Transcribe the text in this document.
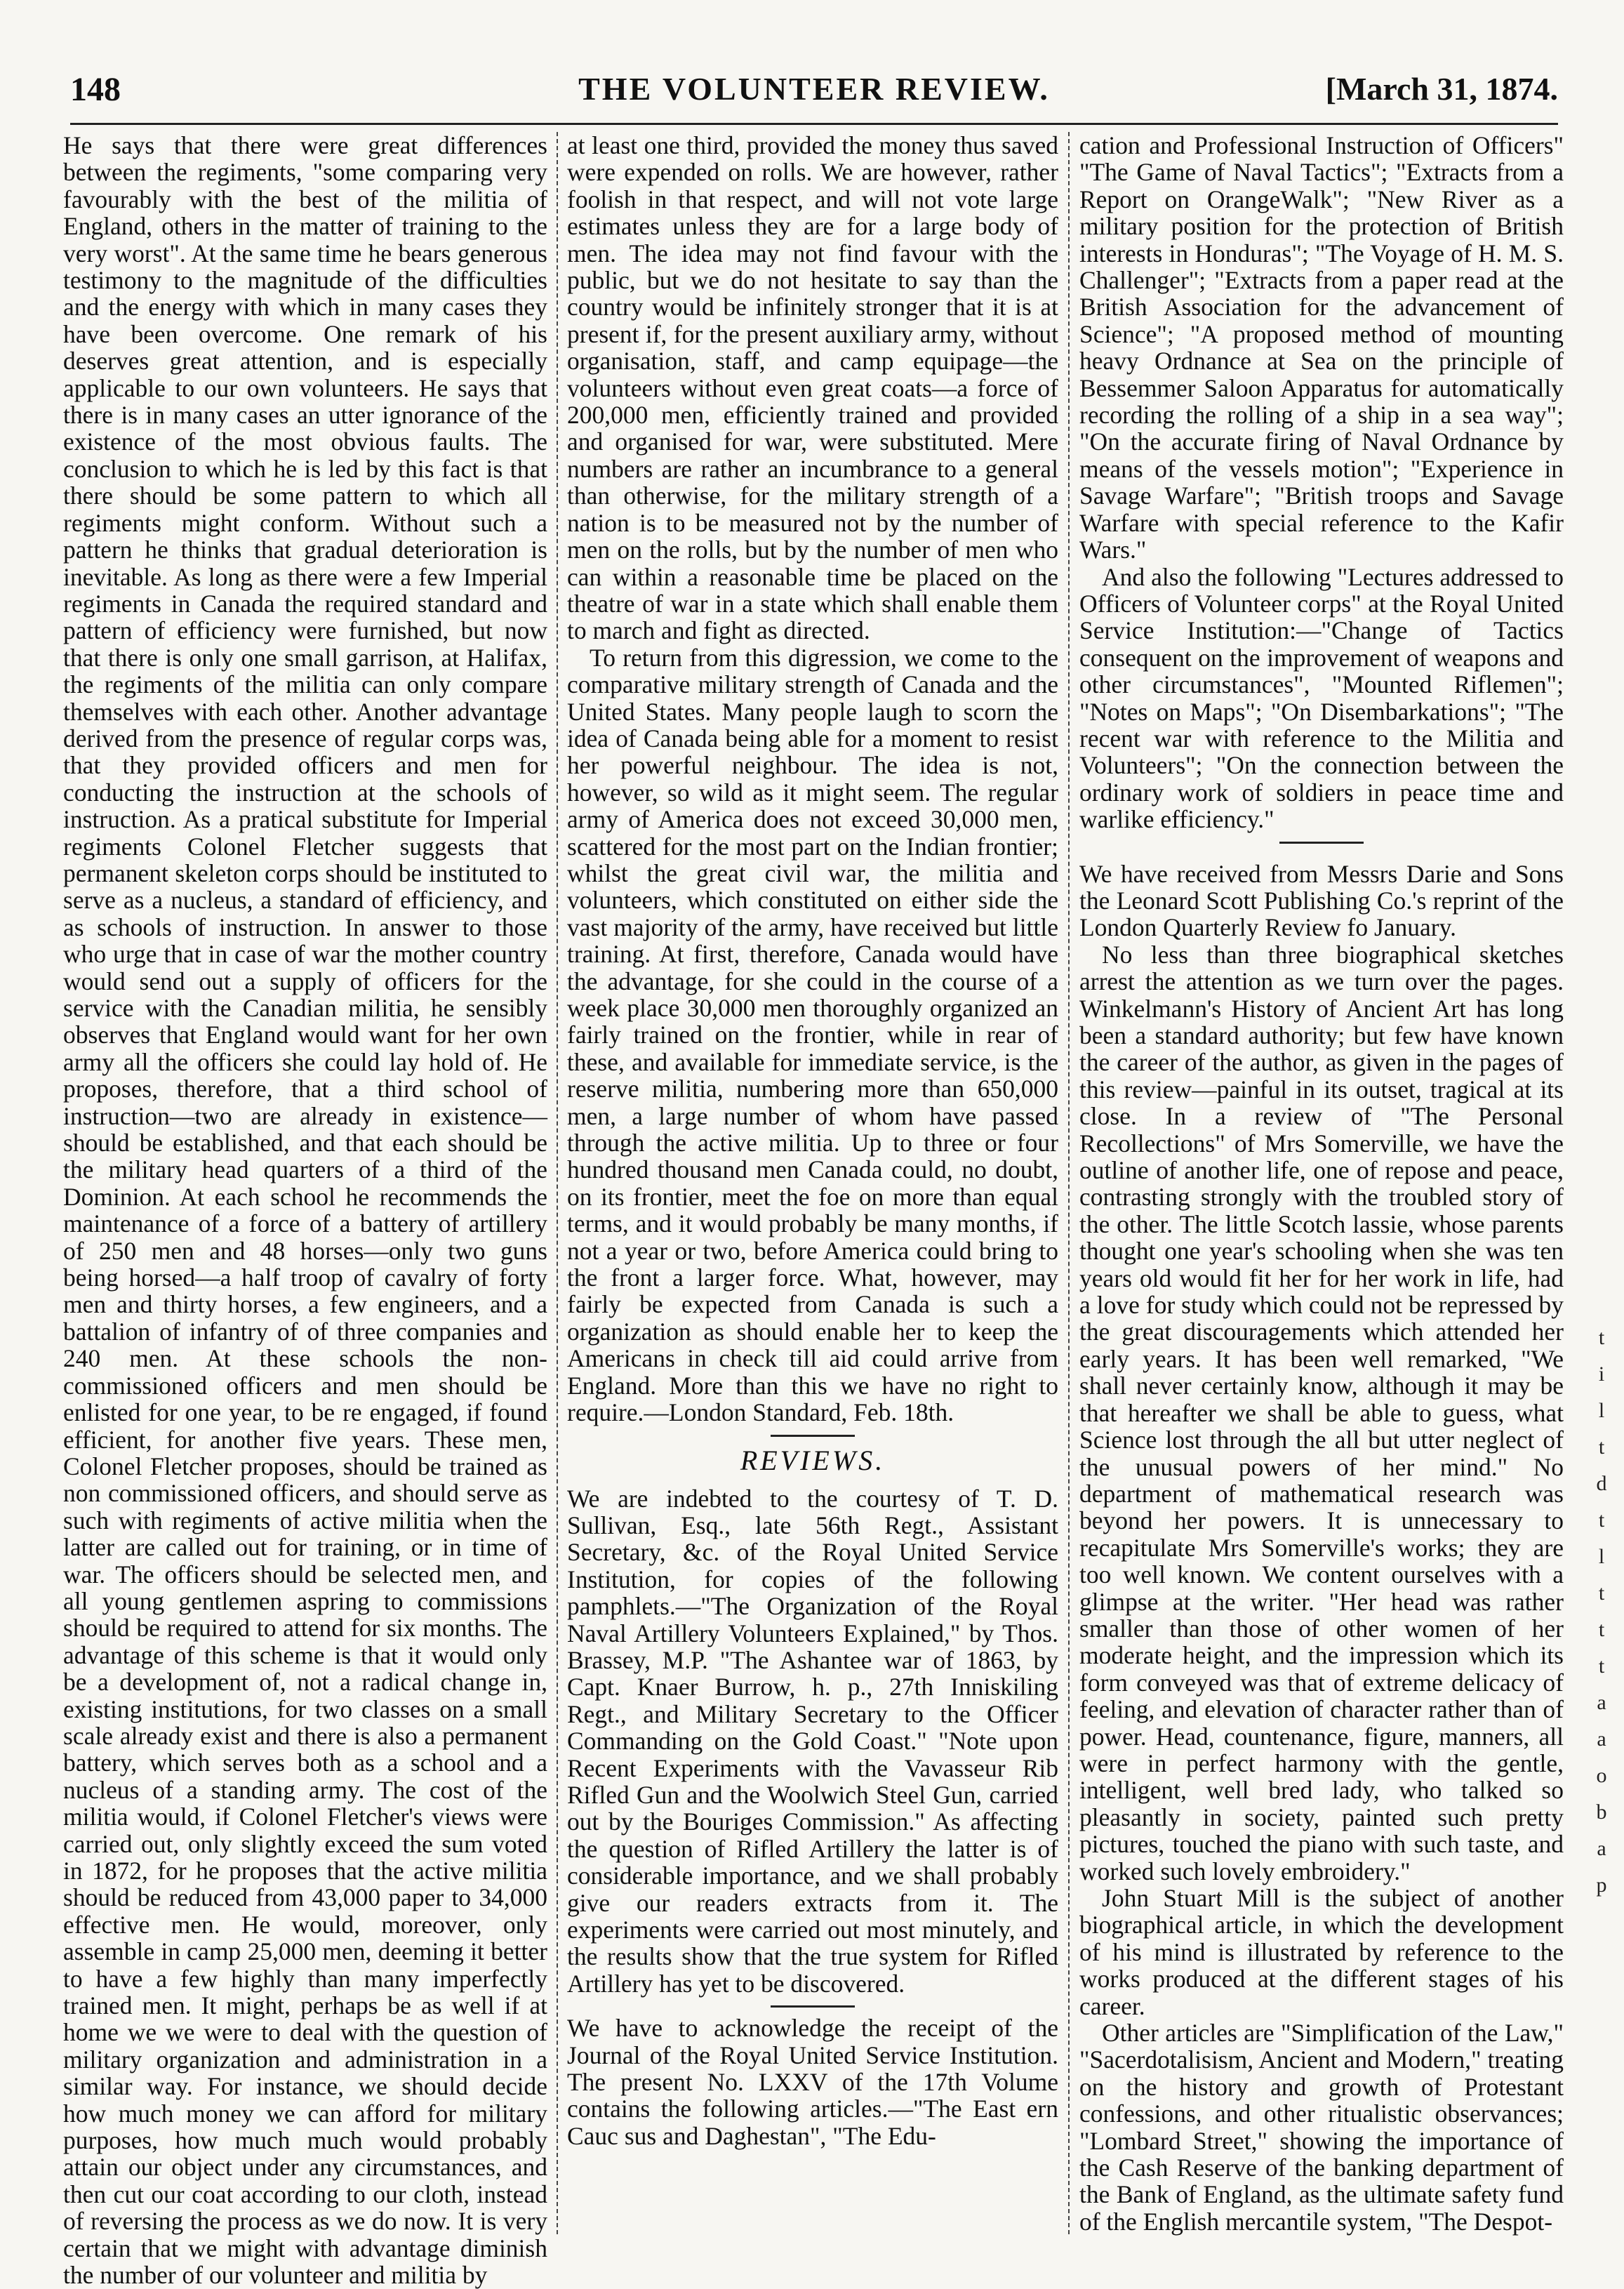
148	THE VOLUNTEER REVIEW.	[March 31, 1874.

He says that there were great differences between the regiments, "some comparing very favourably with the best of the militia of England, others in the matter of training to the very worst". At the same time he bears generous testimony to the magnitude of the difficulties and the energy with which in many cases they have been overcome. One remark of his deserves great attention, and is especially applicable to our own volunteers. He says that there is in many cases an utter ignorance of the existence of the most obvious faults. The conclusion to which he is led by this fact is that there should be some pattern to which all regiments might conform. Without such a pattern he thinks that gradual deterioration is inevitable. As long as there were a few Imperial regiments in Canada the required standard and pattern of efficiency were furnished, but now that there is only one small garrison, at Halifax, the regiments of the militia can only compare themselves with each other. Another advantage derived from the presence of regular corps was, that they provided officers and men for conducting the instruction at the schools of instruction. As a pratical substitute for Imperial regiments Colonel Fletcher suggests that permanent skeleton corps should be instituted to serve as a nucleus, a standard of efficiency, and as schools of instruction. In answer to those who urge that in case of war the mother country would send out a supply of officers for the service with the Canadian militia, he sensibly observes that England would want for her own army all the officers she could lay hold of. He proposes, therefore, that a third school of instruction—two are already in existence—should be established, and that each should be the military head quarters of a third of the Dominion. At each school he recommends the maintenance of a force of a battery of artillery of 250 men and 48 horses—only two guns being horsed—a half troop of cavalry of forty men and thirty horses, a few engineers, and a battalion of infantry of of three companies and 240 men. At these schools the non-commissioned officers and men should be enlisted for one year, to be re engaged, if found efficient, for another five years. These men, Colonel Fletcher proposes, should be trained as non commissioned officers, and should serve as such with regiments of active militia when the latter are called out for training, or in time of war. The officers should be selected men, and all young gentlemen aspring to commissions should be required to attend for six months. The advantage of this scheme is that it would only be a development of, not a radical change in, existing institutions, for two classes on a small scale already exist and there is also a permanent battery, which serves both as a school and a nucleus of a standing army. The cost of the militia would, if Colonel Fletcher's views were carried out, only slightly exceed the sum voted in 1872, for he proposes that the active militia should be reduced from 43,000 paper to 34,000 effective men. He would, moreover, only assemble in camp 25,000 men, deeming it better to have a few highly than many imperfectly trained men. It might, perhaps be as well if at home we we were to deal with the question of military organization and administration in a similar way. For instance, we should decide how much money we can afford for military purposes, how much much would probably attain our object under any circumstances, and then cut our coat according to our cloth, instead of reversing the process as we do now. It is very certain that we might with advantage diminish the number of our volunteer and militia by

at least one third, provided the money thus saved were expended on rolls. We are however, rather foolish in that respect, and will not vote large estimates unless they are for a large body of men. The idea may not find favour with the public, but we do not hesitate to say than the country would be infinitely stronger that it is at present if, for the present auxiliary army, without organisation, staff, and camp equipage—the volunteers without even great coats—a force of 200,000 men, efficiently trained and provided and organised for war, were substituted. Mere numbers are rather an incumbrance to a general than otherwise, for the military strength of a nation is to be measured not by the number of men on the rolls, but by the number of men who can within a reasonable time be placed on the theatre of war in a state which shall enable them to march and fight as directed.

To return from this digression, we come to the comparative military strength of Canada and the United States. Many people laugh to scorn the idea of Canada being able for a moment to resist her powerful neighbour. The idea is not, however, so wild as it might seem. The regular army of America does not exceed 30,000 men, scattered for the most part on the Indian frontier; whilst the great civil war, the militia and volunteers, which constituted on either side the vast majority of the army, have received but little training. At first, therefore, Canada would have the advantage, for she could in the course of a week place 30,000 men thoroughly organized an fairly trained on the frontier, while in rear of these, and available for immediate service, is the reserve militia, numbering more than 650,000 men, a large number of whom have passed through the active militia. Up to three or four hundred thousand men Canada could, no doubt, on its frontier, meet the foe on more than equal terms, and it would probably be many months, if not a year or two, before America could bring to the front a larger force. What, however, may fairly be expected from Canada is such a organization as should enable her to keep the Americans in check till aid could arrive from England. More than this we have no right to require.—London Standard, Feb. 18th.

REVIEWS.

We are indebted to the courtesy of T. D. Sullivan, Esq., late 56th Regt., Assistant Secretary, &c. of the Royal United Service Institution, for copies of the following pamphlets.—"The Organization of the Royal Naval Artillery Volunteers Explained," by Thos. Brassey, M.P. "The Ashantee war of 1863, by Capt. Knaer Burrow, h. p., 27th Inniskiling Regt., and Military Secretary to the Officer Commanding on the Gold Coast." "Note upon Recent Experiments with the Vavasseur Rib Rifled Gun and the Woolwich Steel Gun, carried out by the Bouriges Commission." As affecting the question of Rifled Artillery the latter is of considerable importance, and we shall probably give our readers extracts from it. The experiments were carried out most minutely, and the results show that the true system for Rifled Artillery has yet to be discovered.

We have to acknowledge the receipt of the Journal of the Royal United Service Institution. The present No. LXXV of the 17th Volume contains the following articles.—"The East ern Cauc sus and Daghestan", "The Edu-

cation and Professional Instruction of Officers" "The Game of Naval Tactics"; "Extracts from a Report on OrangeWalk"; "New River as a military position for the protection of British interests in Honduras"; "The Voyage of H. M. S. Challenger"; "Extracts from a paper read at the British Association for the advancement of Science"; "A proposed method of mounting heavy Ordnance at Sea on the principle of Bessemmer Saloon Apparatus for automatically recording the rolling of a ship in a sea way"; "On the accurate firing of Naval Ordnance by means of the vessels motion"; "Experience in Savage Warfare"; "British troops and Savage Warfare with special reference to the Kafir Wars."

And also the following "Lectures addressed to Officers of Volunteer corps" at the Royal United Service Institution:—"Change of Tactics consequent on the improvement of weapons and other circumstances", "Mounted Riflemen"; "Notes on Maps"; "On Disembarkations"; "The recent war with reference to the Militia and Volunteers"; "On the connection between the ordinary work of soldiers in peace time and warlike efficiency."

We have received from Messrs Darie and Sons the Leonard Scott Publishing Co.'s reprint of the London Quarterly Review fo January.

No less than three biographical sketches arrest the attention as we turn over the pages. Winkelmann's History of Ancient Art has long been a standard authority; but few have known the career of the author, as given in the pages of this review—painful in its outset, tragical at its close. In a review of "The Personal Recollections" of Mrs Somerville, we have the outline of another life, one of repose and peace, contrasting strongly with the troubled story of the other. The little Scotch lassie, whose parents thought one year's schooling when she was ten years old would fit her for her work in life, had a love for study which could not be repressed by the great discouragements which attended her early years. It has been well remarked, "We shall never certainly know, although it may be that hereafter we shall be able to guess, what Science lost through the all but utter neglect of the unusual powers of her mind." No department of mathematical research was beyond her powers. It is unnecessary to recapitulate Mrs Somerville's works; they are too well known. We content ourselves with a glimpse at the writer. "Her head was rather smaller than those of other women of her moderate height, and the impression which its form conveyed was that of extreme delicacy of feeling, and elevation of character rather than of power. Head, countenance, figure, manners, all were in perfect harmony with the gentle, intelligent, well bred lady, who talked so pleasantly in society, painted such pretty pictures, touched the piano with such taste, and worked such lovely embroidery."

John Stuart Mill is the subject of another biographical article, in which the development of his mind is illustrated by reference to the works produced at the different stages of his career.

Other articles are "Simplification of the Law," "Sacerdotalisism, Ancient and Modern," treating on the history and growth of Protestant confessions, and other ritualistic observances; "Lombard Street," showing the importance of the Cash Reserve of the banking department of the Bank of England, as the ultimate safety fund of the English mercantile system, "The Despot-

t
i
l
t
d
t
l
t
t
t
a
a
o
b
a
p
